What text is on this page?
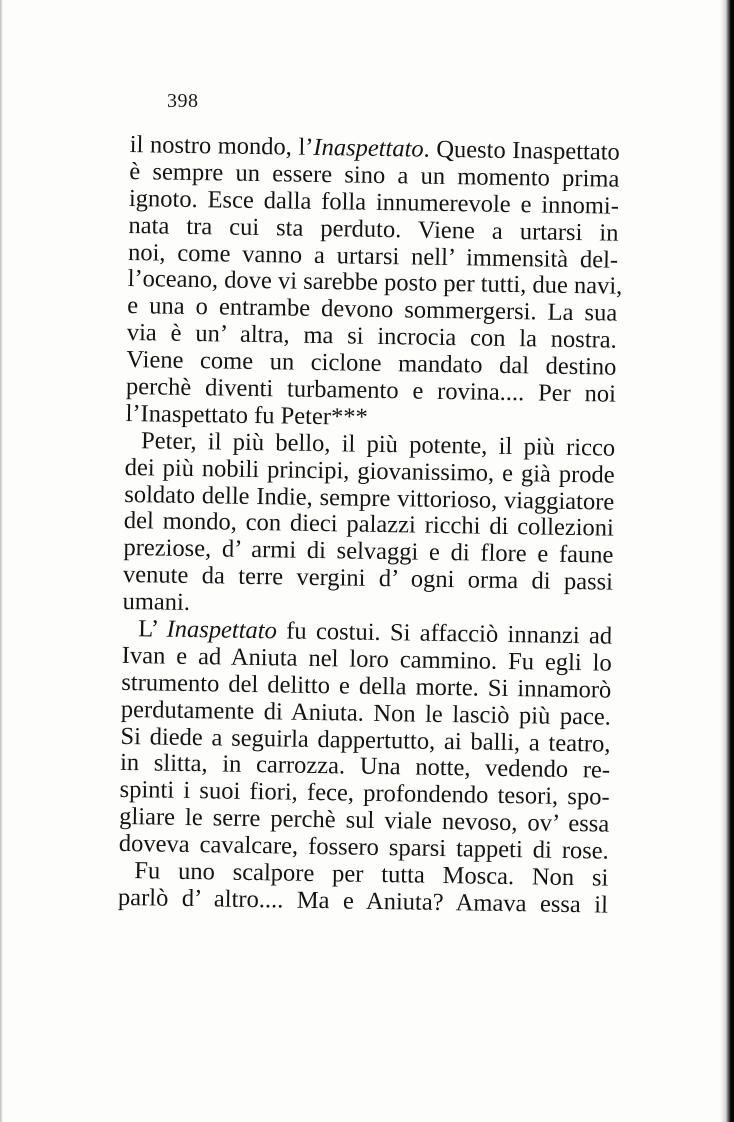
398
il nostro mondo, l’Inaspettato. Questo Inaspettato
è sempre un essere sino a un momento prima
ignoto. Esce dalla folla innumerevole e innomi-
nata tra cui sta perduto. Viene a urtarsi in
noi, come vanno a urtarsi nell’ immensità del-
l’oceano, dove vi sarebbe posto per tutti, due navi,
e una o entrambe devono sommergersi. La sua
via è un’ altra, ma si incrocia con la nostra.
Viene come un ciclone mandato dal destino
perchè diventi turbamento e rovina.... Per noi
l’Inaspettato fu Peter***
Peter, il più bello, il più potente, il più ricco
dei più nobili principi, giovanissimo, e già prode
soldato delle Indie, sempre vittorioso, viaggiatore
del mondo, con dieci palazzi ricchi di collezioni
preziose, d’ armi di selvaggi e di flore e faune
venute da terre vergini d’ ogni orma di passi
umani.
L’ Inaspettato fu costui. Si affacciò innanzi ad
Ivan e ad Aniuta nel loro cammino. Fu egli lo
strumento del delitto e della morte. Si innamorò
perdutamente di Aniuta. Non le lasciò più pace.
Si diede a seguirla dappertutto, ai balli, a teatro,
in slitta, in carrozza. Una notte, vedendo re-
spinti i suoi fiori, fece, profondendo tesori, spo-
gliare le serre perchè sul viale nevoso, ov’ essa
doveva cavalcare, fossero sparsi tappeti di rose.
Fu uno scalpore per tutta Mosca. Non si
parlò d’ altro.... Ma e Aniuta? Amava essa il
